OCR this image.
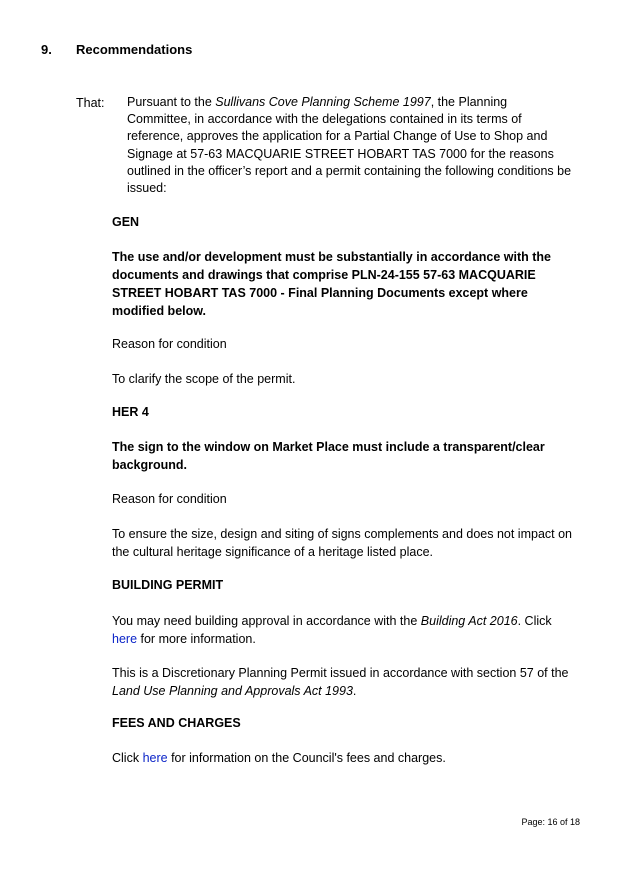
9. Recommendations
That: Pursuant to the Sullivans Cove Planning Scheme 1997, the Planning Committee, in accordance with the delegations contained in its terms of reference, approves the application for a Partial Change of Use to Shop and Signage at 57-63 MACQUARIE STREET HOBART TAS 7000 for the reasons outlined in the officer’s report and a permit containing the following conditions be issued:
GEN
The use and/or development must be substantially in accordance with the documents and drawings that comprise PLN-24-155 57-63 MACQUARIE STREET HOBART TAS 7000 - Final Planning Documents except where modified below.
Reason for condition
To clarify the scope of the permit.
HER 4
The sign to the window on Market Place must include a transparent/clear background.
Reason for condition
To ensure the size, design and siting of signs complements and does not impact on the cultural heritage significance of a heritage listed place.
BUILDING PERMIT
You may need building approval in accordance with the Building Act 2016. Click here for more information.
This is a Discretionary Planning Permit issued in accordance with section 57 of the Land Use Planning and Approvals Act 1993.
FEES AND CHARGES
Click here for information on the Council's fees and charges.
Page: 16 of 18
